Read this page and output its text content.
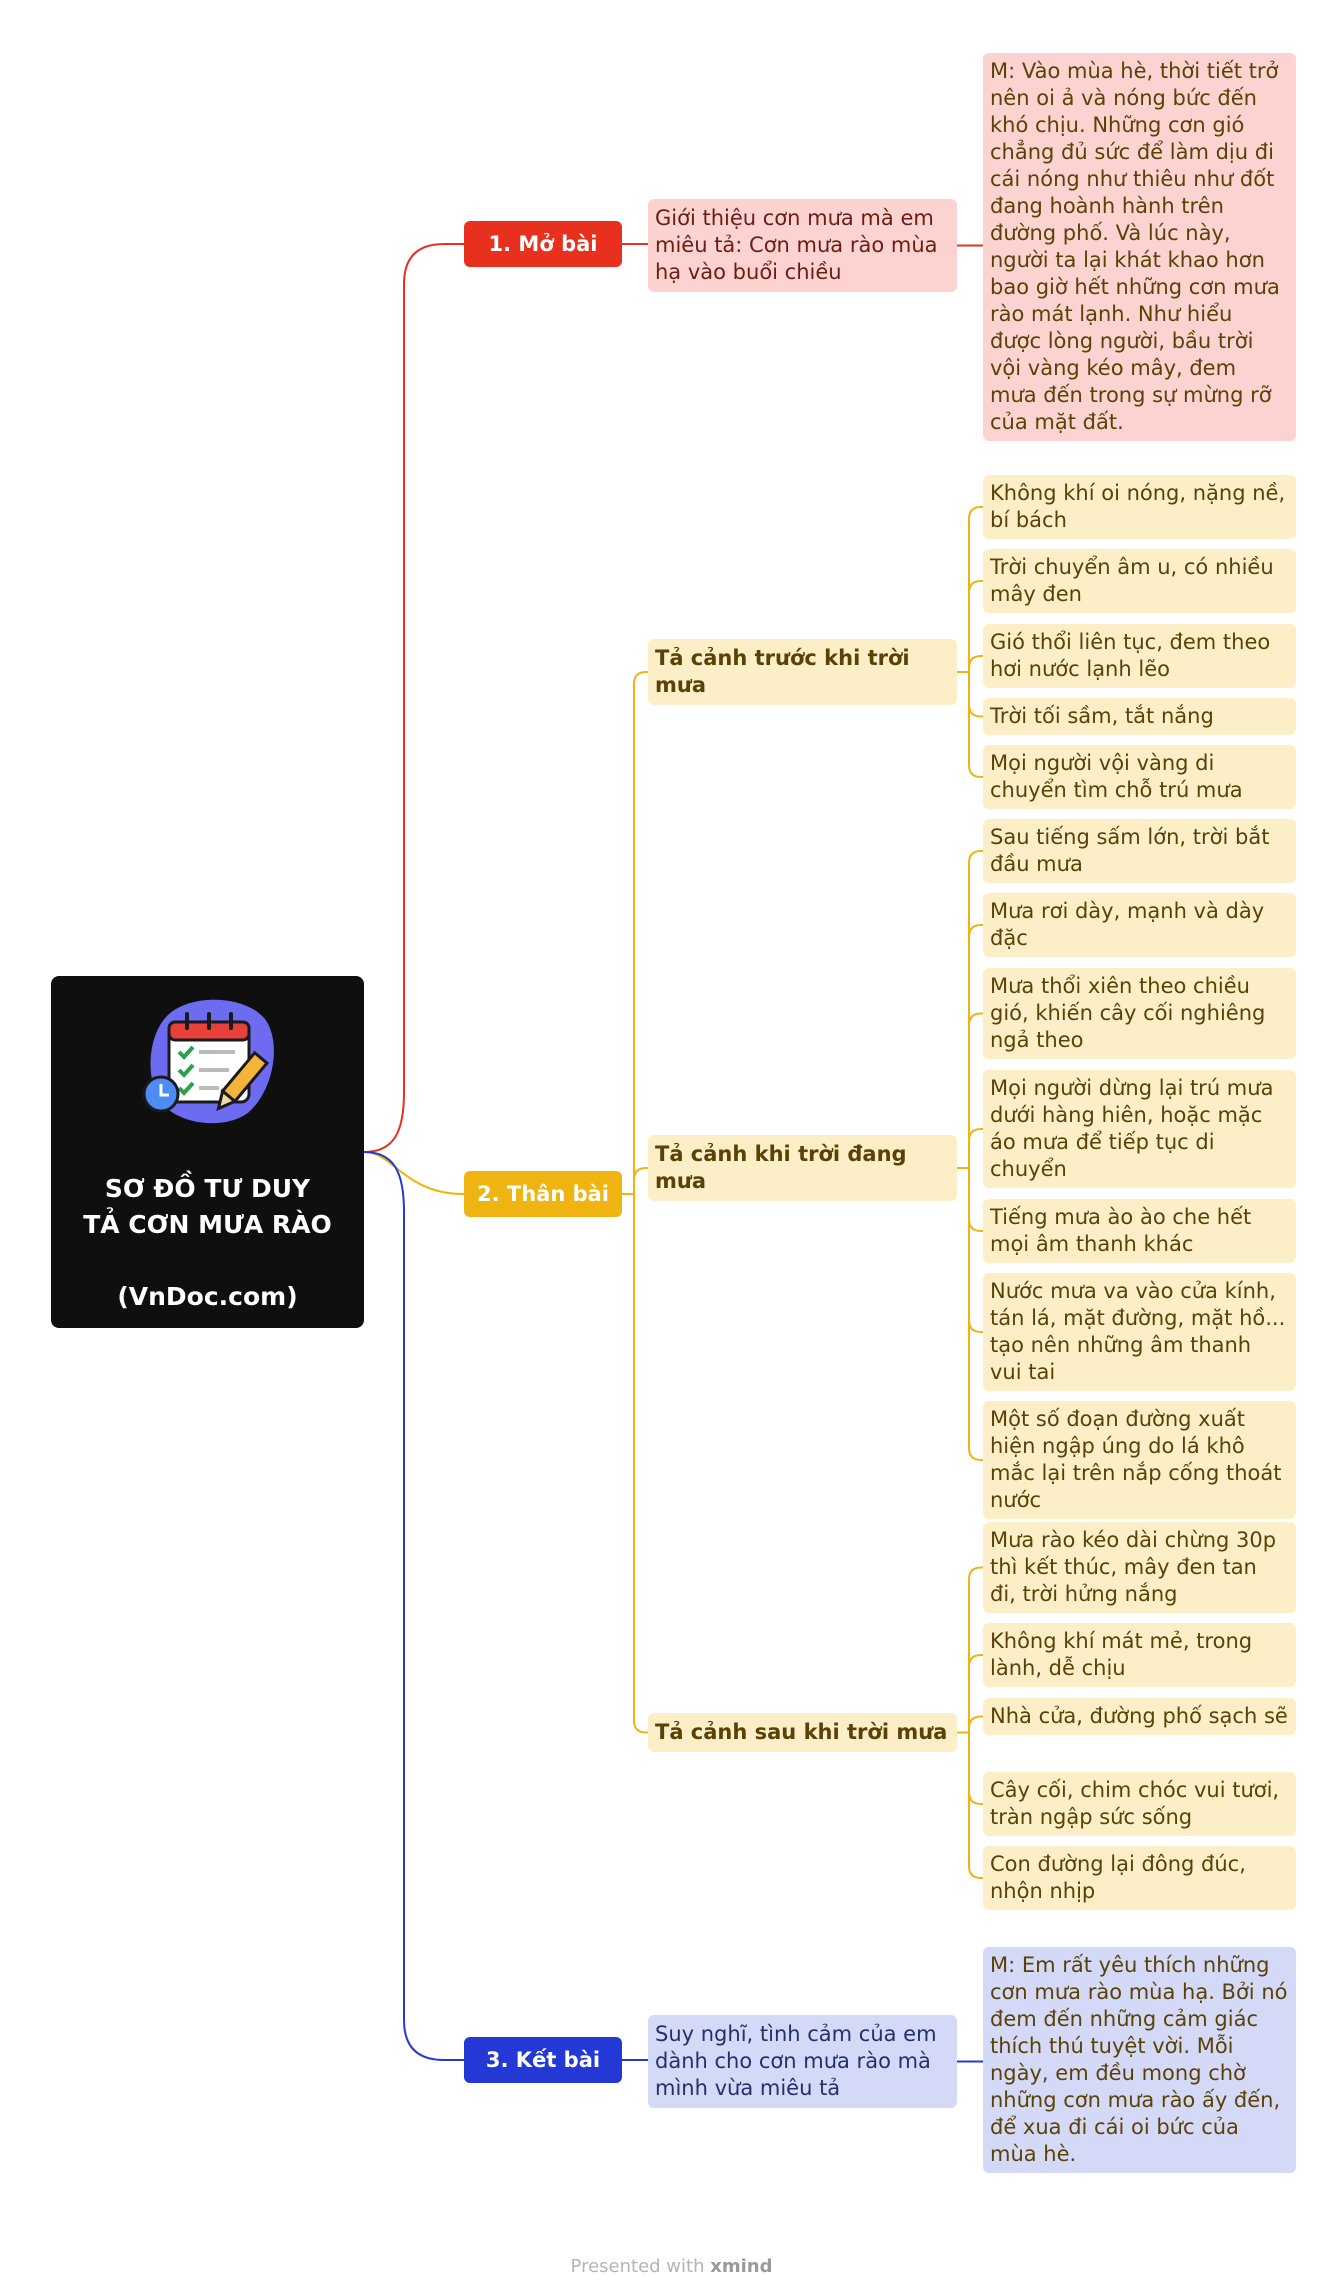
SƠ ĐỒ TƯ DUY
TẢ CƠN MƯA RÀO

(VnDoc.com)
1. Mở bài
Giới thiệu cơn mưa mà em miêu tả: Cơn mưa rào mùa hạ vào buổi chiều
M: Vào mùa hè, thời tiết trở nên oi ả và nóng bức đến khó chịu. Những cơn gió chẳng đủ sức để làm dịu đi cái nóng như thiêu như đốt đang hoành hành trên đường phố. Và lúc này, người ta lại khát khao hơn bao giờ hết những cơn mưa rào mát lạnh. Như hiểu được lòng người, bầu trời vội vàng kéo mây, đem mưa đến trong sự mừng rỡ của mặt đất.
2. Thân bài
Tả cảnh trước khi trời mưa
Không khí oi nóng, nặng nề, bí bách
Trời chuyển âm u, có nhiều mây đen
Gió thổi liên tục, đem theo hơi nước lạnh lẽo
Trời tối sầm, tắt nắng
Mọi người vội vàng di chuyển tìm chỗ trú mưa
Tả cảnh khi trời đang mưa
Sau tiếng sấm lớn, trời bắt đầu mưa
Mưa rơi dày, mạnh và dày đặc
Mưa thổi xiên theo chiều gió, khiến cây cối nghiêng ngả theo
Mọi người dừng lại trú mưa dưới hàng hiên, hoặc mặc áo mưa để tiếp tục di chuyển
Tiếng mưa ào ào che hết mọi âm thanh khác
Nước mưa va vào cửa kính, tán lá, mặt đường, mặt hồ... tạo nên những âm thanh vui tai
Một số đoạn đường xuất hiện ngập úng do lá khô mắc lại trên nắp cống thoát nước
Tả cảnh sau khi trời mưa
Mưa rào kéo dài chừng 30p thì kết thúc, mây đen tan đi, trời hửng nắng
Không khí mát mẻ, trong lành, dễ chịu
Nhà cửa, đường phố sạch sẽ
Cây cối, chim chóc vui tươi, tràn ngập sức sống
Con đường lại đông đúc, nhộn nhịp
3. Kết bài
Suy nghĩ, tình cảm của em dành cho cơn mưa rào mà mình vừa miêu tả
M: Em rất yêu thích những cơn mưa rào mùa hạ. Bởi nó đem đến những cảm giác thích thú tuyệt vời. Mỗi ngày, em đều mong chờ những cơn mưa rào ấy đến, để xua đi cái oi bức của mùa hè.
Presented with xmind
